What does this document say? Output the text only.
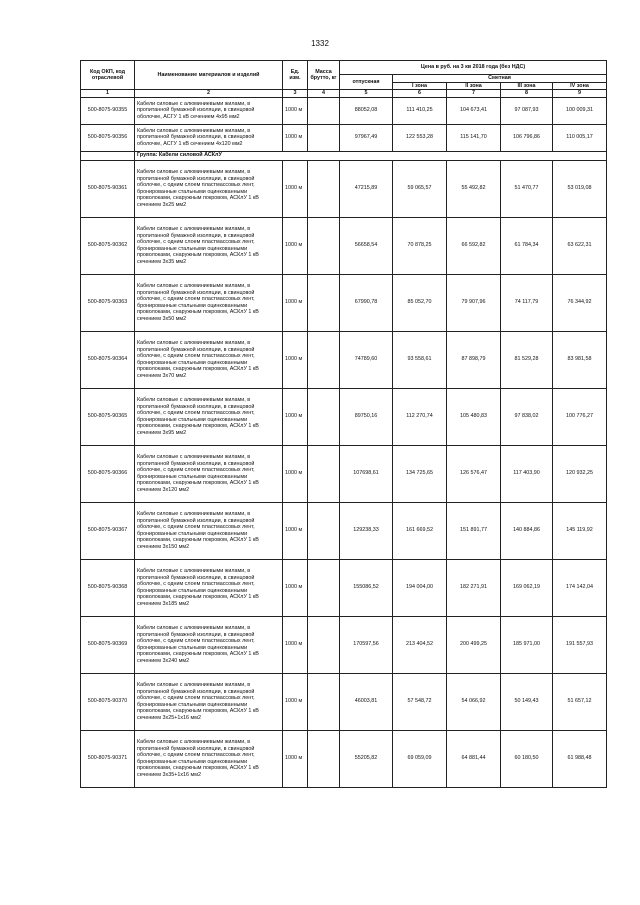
1332
Код ОКП, код отраслевой	Наименование материалов и изделий	Ед. изм.	Масса брутто, кг	Цена в руб. на 3 кв 2018 года (без НДС)				
				отпускная	Сметная			
					I зона	II зона	III зона	IV зона
1	2	3	4	5	6	7	8	9
500-8075-90355	Кабели силовые с алюминиевыми жилами, в пропитанной бумажной изоляции, в свинцовой оболочке, АСГУ 1 кВ сечением 4х95 мм2	1000 м		88052,08	111 410,25	104 673,41	97 087,93	100 009,31
500-8075-90356	Кабели силовые с алюминиевыми жилами, в пропитанной бумажной изоляции, в свинцовой оболочке, АСГУ 1 кВ сечением 4х120 мм2	1000 м		97967,49	122 553,28	115 141,70	106 796,86	110 005,17
	Группа: Кабели силовой АСКлУ							
500-8075-90361	Кабели силовые с алюминиевыми жилами, в пропитанной бумажной изоляции, в свинцовой оболочке, с одним слоем пластмассовых лент, бронированные стальными оцинкованными проволоками, снаружным покровом, АСКлУ 1 кВ сечением 3х25 мм2	1000 м		47215,89	59 065,57	55 492,82	51 470,77	53 019,08
500-8075-90362	Кабели силовые с алюминиевыми жилами, в пропитанной бумажной изоляции, в свинцовой оболочке, с одним слоем пластмассовых лент, бронированные стальными оцинкованными проволоками, снаружным покровом, АСКлУ 1 кВ сечением 3х35 мм2	1000 м		56658,54	70 878,25	66 592,82	61 784,34	63 622,31
500-8075-90363	Кабели силовые с алюминиевыми жилами, в пропитанной бумажной изоляции, в свинцовой оболочке, с одним слоем пластмассовых лент, бронированные стальными оцинкованными проволоками, снаружным покровом, АСКлУ 1 кВ сечением 3х50 мм2	1000 м		67990,78	85 052,70	79 907,96	74 117,79	76 344,92
500-8075-90364	Кабели силовые с алюминиевыми жилами, в пропитанной бумажной изоляции, в свинцовой оболочке, с одним слоем пластмассовых лент, бронированные стальными оцинкованными проволоками, снаружным покровом, АСКлУ 1 кВ сечением 3х70 мм2	1000 м		74789,60	93 558,61	87 898,79	81 529,28	83 981,58
500-8075-90365	Кабели силовые с алюминиевыми жилами, в пропитанной бумажной изоляции, в свинцовой оболочке, с одним слоем пластмассовых лент, бронированные стальными оцинкованными проволоками, снаружным покровом, АСКлУ 1 кВ сечением 3х95 мм2	1000 м		89750,16	112 270,74	105 480,83	97 838,02	100 776,27
500-8075-90366	Кабели силовые с алюминиевыми жилами, в пропитанной бумажной изоляции, в свинцовой оболочке, с одним слоем пластмассовых лент, бронированные стальными оцинкованными проволоками, снаружным покровом, АСКлУ 1 кВ сечением 3х120 мм2	1000 м		107698,61	134 725,65	126 576,47	117 403,90	120 932,25
500-8075-90367	Кабели силовые с алюминиевыми жилами, в пропитанной бумажной изоляции, в свинцовой оболочке, с одним слоем пластмассовых лент, бронированные стальными оцинкованными проволоками, снаружным покровом, АСКлУ 1 кВ сечением 3х150 мм2	1000 м		129238,33	161 669,52	151 891,77	140 884,86	145 119,92
500-8075-90368	Кабели силовые с алюминиевыми жилами, в пропитанной бумажной изоляции, в свинцовой оболочке, с одним слоем пластмассовых лент, бронированные стальными оцинкованными проволоками, снаружным покровом, АСКлУ 1 кВ сечением 3х185 мм2	1000 м		155086,52	194 004,00	182 271,91	169 062,19	174 142,04
500-8075-90369	Кабели силовые с алюминиевыми жилами, в пропитанной бумажной изоляции, в свинцовой оболочке, с одним слоем пластмассовых лент, бронированные стальными оцинкованными проволоками, снаружным покровом, АСКлУ 1 кВ сечением 3х240 мм2	1000 м		170597,56	213 404,52	200 499,25	185 971,00	191 557,93
500-8075-90370	Кабели силовые с алюминиевыми жилами, в пропитанной бумажной изоляции, в свинцовой оболочке, с одним слоем пластмассовых лент, бронированные стальными оцинкованными проволоками, снаружным покровом, АСКлУ 1 кВ сечением 3х25+1х16 мм2	1000 м		46003,81	57 548,72	54 066,92	50 149,43	51 657,12
500-8075-90371	Кабели силовые с алюминиевыми жилами, в пропитанной бумажной изоляции, в свинцовой оболочке, с одним слоем пластмассовых лент, бронированные стальными оцинкованными проволоками, снаружным покровом, АСКлУ 1 кВ сечением 3х35+1х16 мм2	1000 м		55205,82	69 059,09	64 881,44	60 180,50	61 988,48
